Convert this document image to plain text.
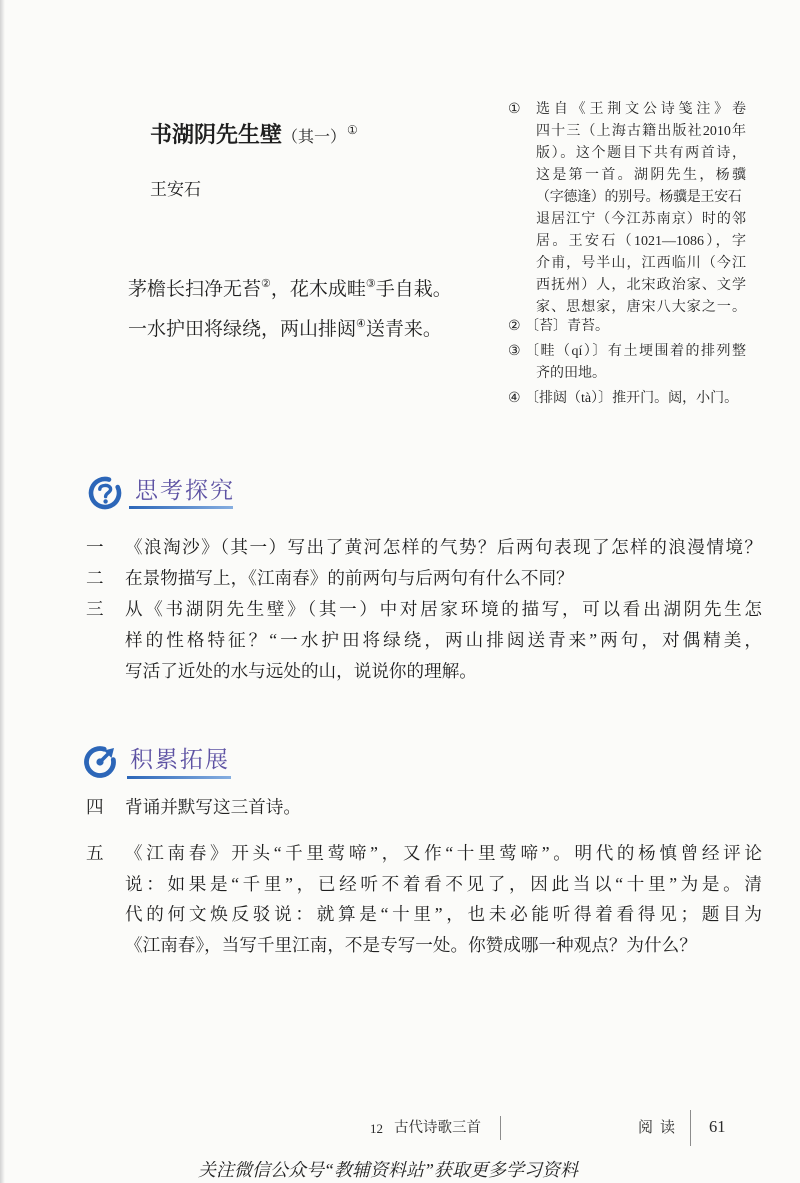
书湖阴先生壁（其一）①
王安石
茅檐长扫净无苔②，花木成畦③手自栽。
一水护田将绿绕，两山排闼④送青来。
①	选自《王荆文公诗笺注》卷
四十三（上海古籍出版社2010年
版）。这个题目下共有两首诗，
这是第一首。湖阴先生，杨骥
（字德逢）的别号。杨骥是王安石
退居江宁（今江苏南京）时的邻
居。王安石（1021—1086），字
介甫，号半山，江西临川（今江
西抚州）人，北宋政治家、文学
家、思想家，唐宋八大家之一。
② 〔苔〕青苔。
③ 〔畦（qí）〕有土埂围着的排列整
齐的田地。
④ 〔排闼（tà）〕推开门。闼，小门。
思考探究
一	《浪淘沙》（其一）写出了黄河怎样的气势？后两句表现了怎样的浪漫情境？
二	在景物描写上，《江南春》的前两句与后两句有什么不同？
三	从《书湖阴先生壁》（其一）中对居家环境的描写，可以看出湖阴先生怎
样的性格特征？“一水护田将绿绕，两山排闼送青来”两句，对偶精美，
写活了近处的水与远处的山，说说你的理解。
积累拓展
四	背诵并默写这三首诗。
五	《江南春》开头“千里莺啼”，又作“十里莺啼”。明代的杨慎曾经评论
说：如果是“千里”，已经听不着看不见了，因此当以“十里”为是。清
代的何文焕反驳说：就算是“十里”，也未必能听得着看得见；题目为
《江南春》，当写千里江南，不是专写一处。你赞成哪一种观点？为什么？
12 古代诗歌三首	阅读 61
关注微信公众号“教辅资料站”获取更多学习资料
